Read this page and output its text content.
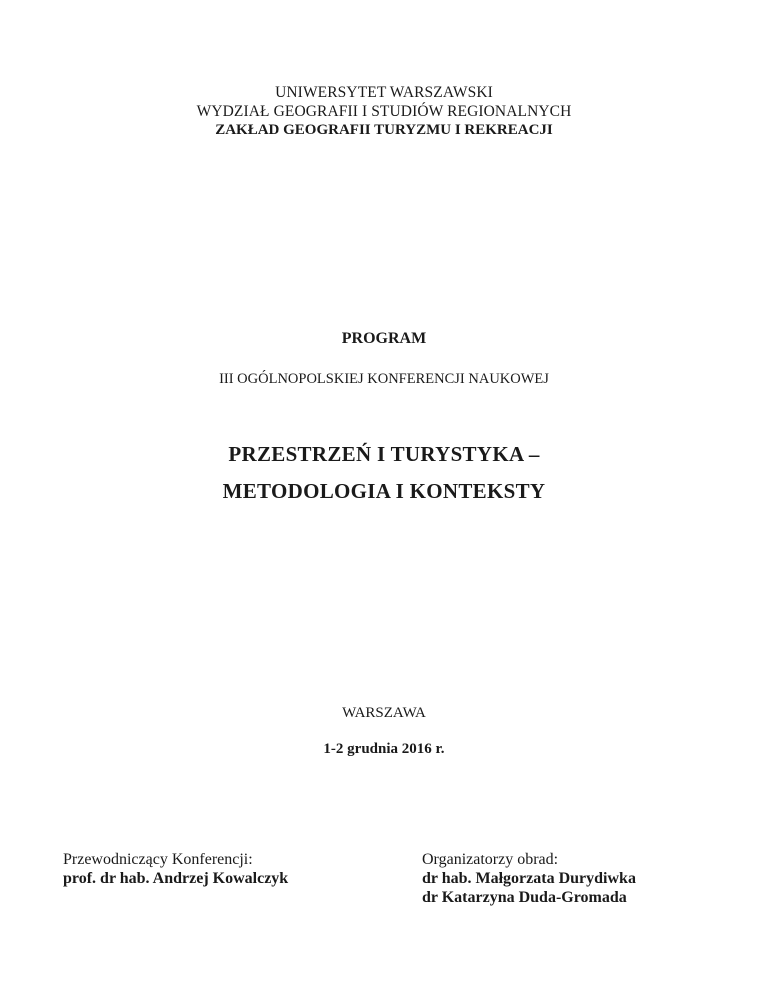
UNIWERSYTET WARSZAWSKI
WYDZIAŁ GEOGRAFII I STUDIÓW REGIONALNYCH
ZAKŁAD GEOGRAFII TURYZMU I REKREACJI
PROGRAM
III OGÓLNOPOLSKIEJ KONFERENCJI NAUKOWEJ
PRZESTRZEŃ I TURYSTYKA –
METODOLOGIA I KONTEKSTY
WARSZAWA
1-2 grudnia 2016 r.
Przewodniczący Konferencji:
prof. dr hab. Andrzej Kowalczyk
Organizatorzy obrad:
dr hab. Małgorzata Durydiwka
dr Katarzyna Duda-Gromada
